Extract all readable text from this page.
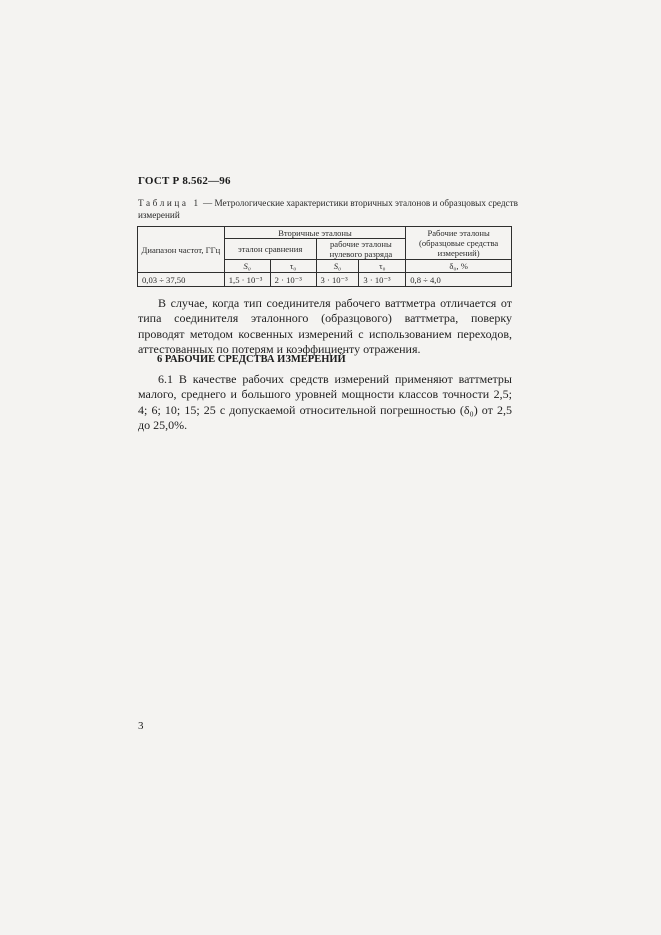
ГОСТ Р 8.562—96
Таблица 1 — Метрологические характеристики вторичных эталонов и образцовых средств измерений
Диапазон частот, ГГц	Вторичные эталоны				Рабочие эталоны (образцовые средства измерений)
	эталон сравнения		рабочие эталоны нулевого разряда		
	S₀	τ₀	S₀	τ₀	δ₀, %
0,03 ÷ 37,50	1,5 · 10⁻³	2 · 10⁻³	3 · 10⁻³	3 · 10⁻³	0,8 ÷ 4,0

В случае, когда тип соединителя рабочего ваттметра отличается от типа соединителя эталонного (образцового) ваттметра, поверку проводят методом косвенных измерений с использованием переходов, аттестованных по потерям и коэффициенту отражения.

6 РАБОЧИЕ СРЕДСТВА ИЗМЕРЕНИЙ

6.1 В качестве рабочих средств измерений применяют ваттметры малого, среднего и большого уровней мощности классов точности 2,5; 4; 6; 10; 15; 25 с допускаемой относительной погрешностью (δ₀) от 2,5 до 25,0%.

3
